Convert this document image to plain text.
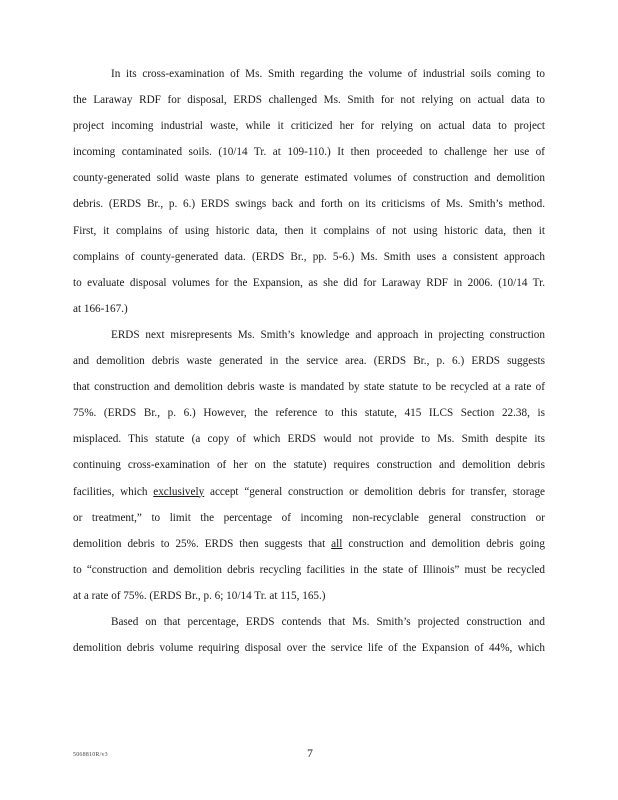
In its cross-examination of Ms. Smith regarding the volume of industrial soils coming to
the Laraway RDF for disposal, ERDS challenged Ms. Smith for not relying on actual data to
project incoming industrial waste, while it criticized her for relying on actual data to project
incoming contaminated soils. (10/14 Tr. at 109-110.) It then proceeded to challenge her use of
county-generated solid waste plans to generate estimated volumes of construction and demolition
debris. (ERDS Br., p. 6.) ERDS swings back and forth on its criticisms of Ms. Smith’s method.
First, it complains of using historic data, then it complains of not using historic data, then it
complains of county-generated data. (ERDS Br., pp. 5-6.) Ms. Smith uses a consistent approach
to evaluate disposal volumes for the Expansion, as she did for Laraway RDF in 2006. (10/14 Tr.
at 166-167.)

ERDS next misrepresents Ms. Smith’s knowledge and approach in projecting construction
and demolition debris waste generated in the service area. (ERDS Br., p. 6.) ERDS suggests
that construction and demolition debris waste is mandated by state statute to be recycled at a rate of
75%. (ERDS Br., p. 6.) However, the reference to this statute, 415 ILCS Section 22.38, is
misplaced. This statute (a copy of which ERDS would not provide to Ms. Smith despite its
continuing cross-examination of her on the statute) requires construction and demolition debris
facilities, which exclusively accept “general construction or demolition debris for transfer, storage
or treatment,” to limit the percentage of incoming non-recyclable general construction or
demolition debris to 25%. ERDS then suggests that all construction and demolition debris going
to “construction and demolition debris recycling facilities in the state of Illinois” must be recycled
at a rate of 75%. (ERDS Br., p. 6; 10/14 Tr. at 115, 165.)

Based on that percentage, ERDS contends that Ms. Smith’s projected construction and
demolition debris volume requiring disposal over the service life of the Expansion of 44%, which

5068810R/v3	7
